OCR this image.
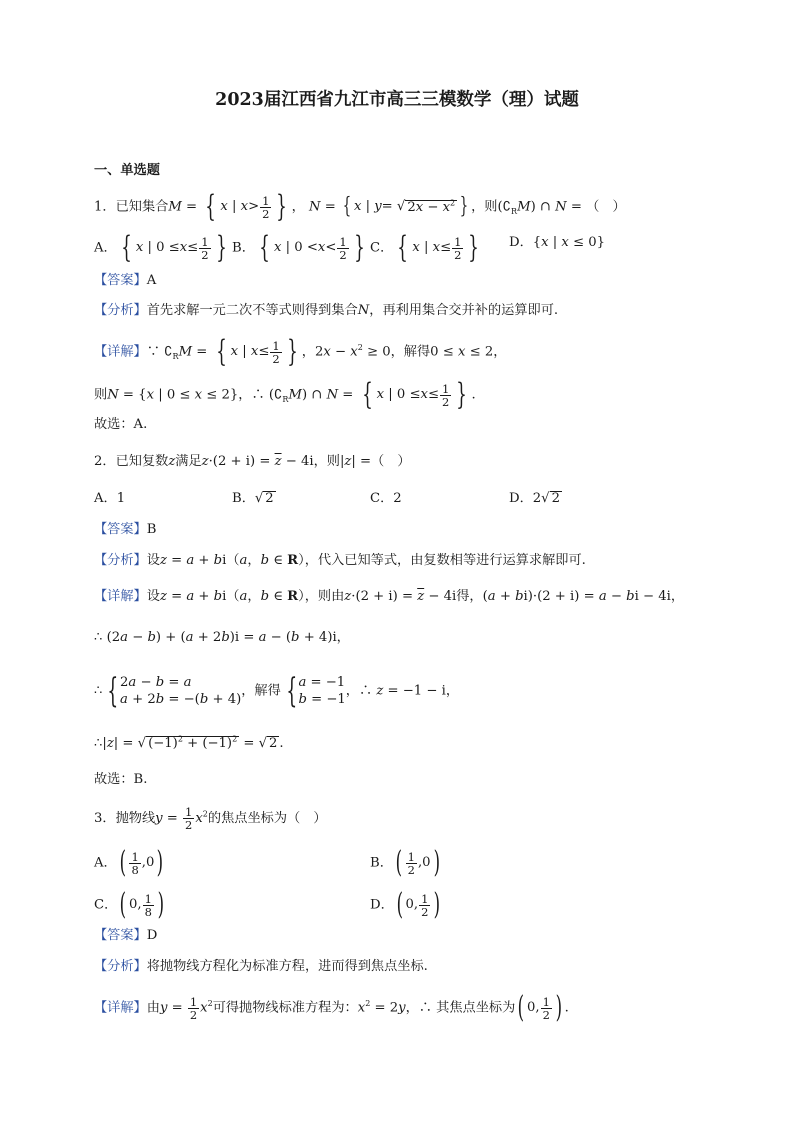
2023届江西省九江市高三三模数学（理）试题
一、单选题
1．已知集合M = { x | $x > \frac{1}{2}$ } ， N = { x | y = √ $2x - x^2$ } ，则$(∁_RM)$ ∩ N = （　）
A． { x | $0 \le x \le \frac{1}{2}$ } B． { x | $0 < x < \frac{1}{2}$ } C． { x | $x \le \frac{1}{2}$ } D．{x | x ≤ 0}
【答案】A
【分析】首先求解一元二次不等式则得到集合N，再利用集合交并补的运算即可.
【详解】∵ $∁_RM$ = { x | $x \le \frac{1}{2}$ } ，$2x - x^2 \ge 0$，解得0 ≤ x ≤ 2，
则N = {x | 0 ≤ x ≤ 2}，∴ $(∁_RM)$ ∩ N = { x | $0 \le x \le \frac{1}{2}$ } .
故选：A.
2．已知复数z满足$z\cdot(2 + i) = \overline{z} - 4i$，则|z| =（　）
A．1	B．√ 2	C．2	D．2√ 2
【答案】B
【分析】设z = a + bi（a，b ∈ R），代入已知等式，由复数相等进行运算求解即可.
【详解】设z = a + bi（a，b ∈ R），则由$z\cdot(2 + i) = \overline{z} - 4i$得，(a + bi)·(2 + i) = a − bi − 4i，
∴ (2a − b) + (a + 2b)i = a − (b + 4)i，
∴ { 2a − b = a
a + 2b = −(b + 4)
，解得 { a = −1
b = −1
，∴ z = −1 − i，
∴|z| = √ $(-1)^2 + (-1)^2$ = √ 2 .
故选：B.
3．抛物线$y = \frac{1}{2} x^2$的焦点坐标为（　）
A． ( $\frac{1}{8} ,0$ )	B． ( $\frac{1}{2} ,0$ )
C． ( 0, $\frac{1}{8}$ )	D． ( 0, $\frac{1}{2}$ )
【答案】D
【分析】将抛物线方程化为标准方程，进而得到焦点坐标.
【详解】由$y = \frac{1}{2} x^2$可得抛物线标准方程为：$x^2 = 2y$，∴ 其焦点坐标为 ( 0, $\frac{1}{2}$ ) .
